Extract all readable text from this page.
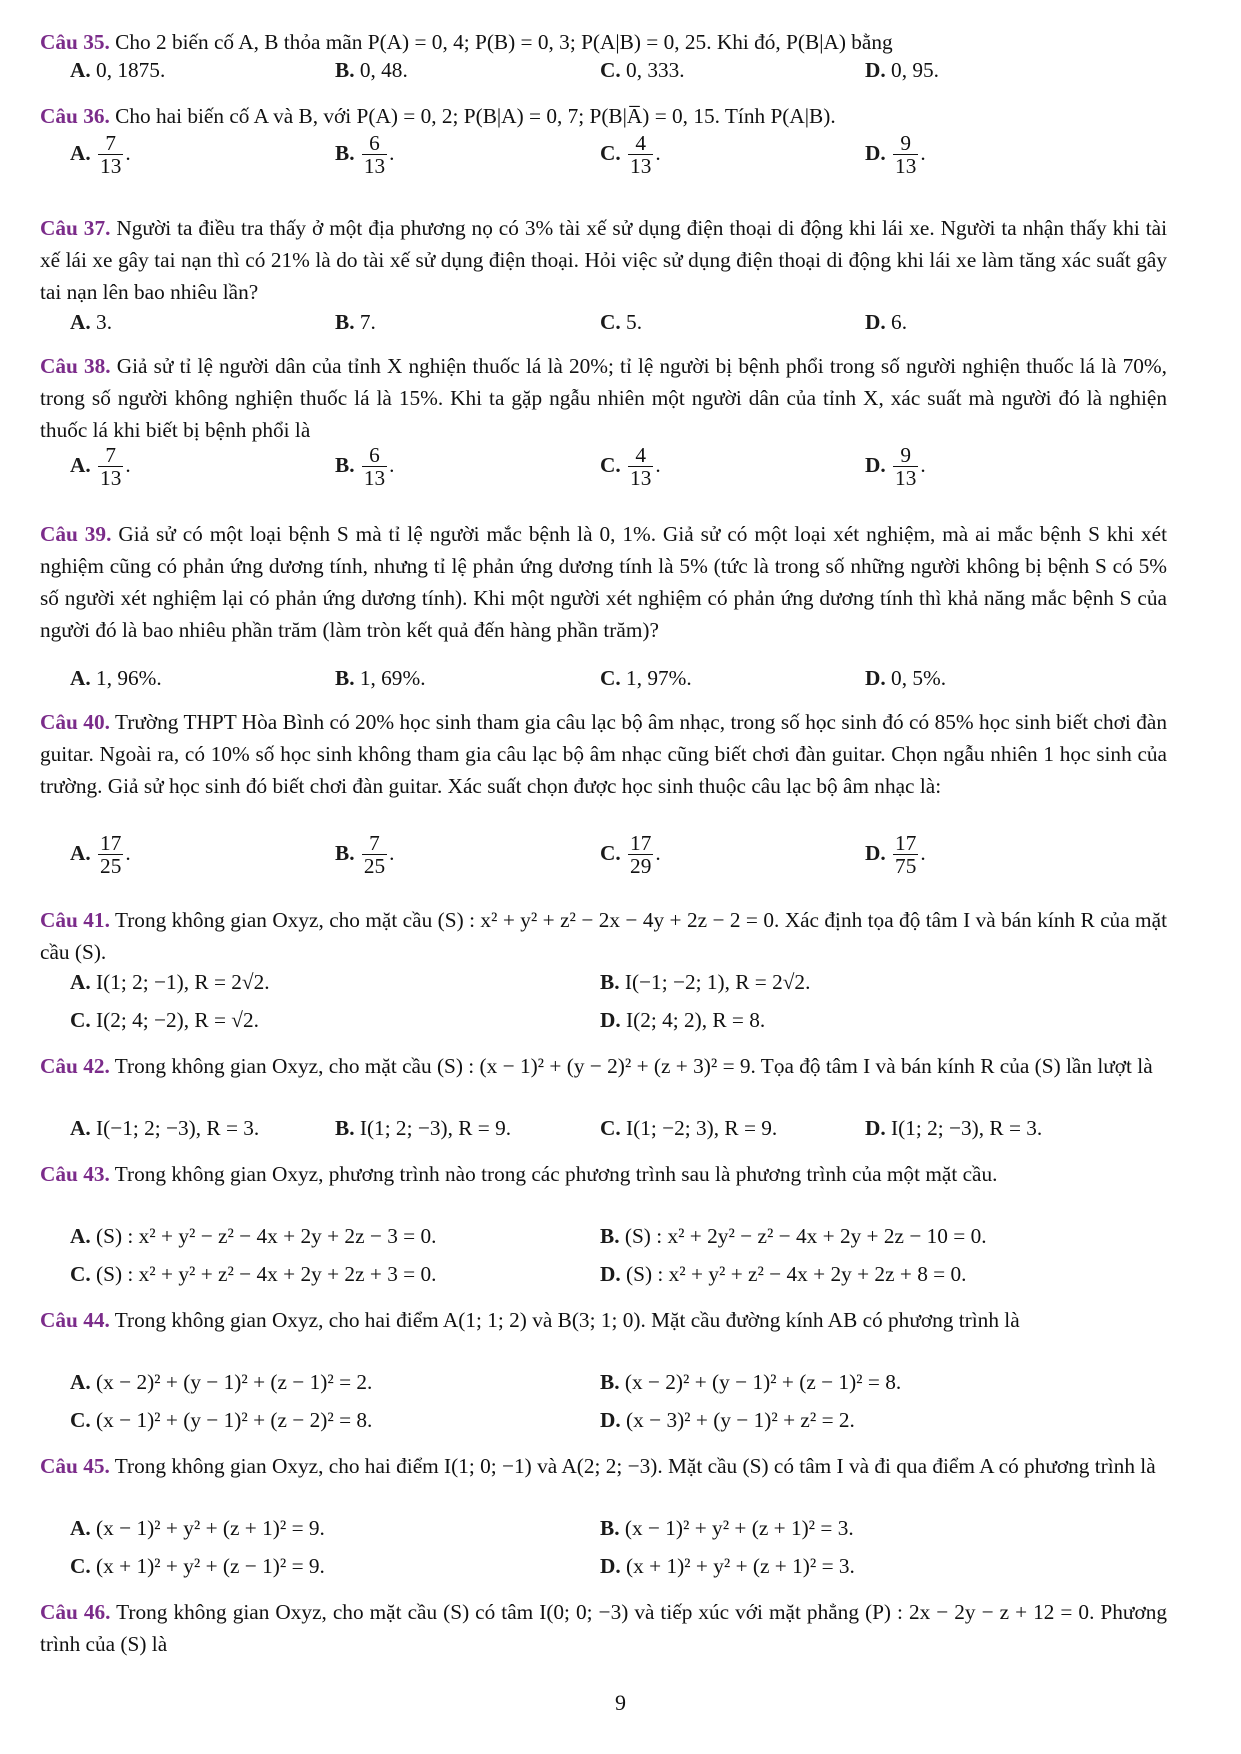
Câu 35. Cho 2 biến cố A, B thỏa mãn P(A) = 0, 4; P(B) = 0, 3; P(A|B) = 0, 25. Khi đó, P(B|A) bằng
A. 0, 1875.	B. 0, 48.	C. 0, 333.	D. 0, 95.
Câu 36. Cho hai biến cố A và B, với P(A) = 0, 2; P(B|A) = 0, 7; P(B|A̅) = 0, 15. Tính P(A|B).
A. $\frac{7}{13}$ .	B. $\frac{6}{13}$ .	C. $\frac{4}{13}$ .	D. $\frac{9}{13}$ .
Câu 37. Người ta điều tra thấy ở một địa phương nọ có 3% tài xế sử dụng điện thoại di động khi lái xe. Người ta nhận thấy khi tài xế lái xe gây tai nạn thì có 21% là do tài xế sử dụng điện thoại. Hỏi việc sử dụng điện thoại di động khi lái xe làm tăng xác suất gây tai nạn lên bao nhiêu lần?
A. 3.	B. 7.	C. 5.	D. 6.
Câu 38. Giả sử tỉ lệ người dân của tỉnh X nghiện thuốc lá là 20%; tỉ lệ người bị bệnh phổi trong số người nghiện thuốc lá là 70%, trong số người không nghiện thuốc lá là 15%. Khi ta gặp ngẫu nhiên một người dân của tỉnh X, xác suất mà người đó là nghiện thuốc lá khi biết bị bệnh phổi là
A. $\frac{7}{13}$ .	B. $\frac{6}{13}$ .	C. $\frac{4}{13}$ .	D. $\frac{9}{13}$ .
Câu 39. Giả sử có một loại bệnh S mà tỉ lệ người mắc bệnh là 0, 1%. Giả sử có một loại xét nghiệm, mà ai mắc bệnh S khi xét nghiệm cũng có phản ứng dương tính, nhưng tỉ lệ phản ứng dương tính là 5% (tức là trong số những người không bị bệnh S có 5% số người xét nghiệm lại có phản ứng dương tính). Khi một người xét nghiệm có phản ứng dương tính thì khả năng mắc bệnh S của người đó là bao nhiêu phần trăm (làm tròn kết quả đến hàng phần trăm)?
A. 1, 96%.	B. 1, 69%.	C. 1, 97%.	D. 0, 5%.
Câu 40. Trường THPT Hòa Bình có 20% học sinh tham gia câu lạc bộ âm nhạc, trong số học sinh đó có 85% học sinh biết chơi đàn guitar. Ngoài ra, có 10% số học sinh không tham gia câu lạc bộ âm nhạc cũng biết chơi đàn guitar. Chọn ngẫu nhiên 1 học sinh của trường. Giả sử học sinh đó biết chơi đàn guitar. Xác suất chọn được học sinh thuộc câu lạc bộ âm nhạc là:
A. $\frac{17}{25}$ .	B. $\frac{7}{25}$ .	C. $\frac{17}{29}$ .	D. $\frac{17}{75}$ .
Câu 41. Trong không gian Oxyz, cho mặt cầu (S) : x² + y² + z² − 2x − 4y + 2z − 2 = 0. Xác định tọa độ tâm I và bán kính R của mặt cầu (S).
A. I(1; 2; −1), R = 2√2.	B. I(−1; −2; 1), R = 2√2.
C. I(2; 4; −2), R = √2.	D. I(2; 4; 2), R = 8.
Câu 42. Trong không gian Oxyz, cho mặt cầu (S) : (x − 1)² + (y − 2)² + (z + 3)² = 9. Tọa độ tâm I và bán kính R của (S) lần lượt là
A. I(−1; 2; −3), R = 3.	B. I(1; 2; −3), R = 9.	C. I(1; −2; 3), R = 9.	D. I(1; 2; −3), R = 3.
Câu 43. Trong không gian Oxyz, phương trình nào trong các phương trình sau là phương trình của một mặt cầu.
A. (S) : x² + y² − z² − 4x + 2y + 2z − 3 = 0.	B. (S) : x² + 2y² − z² − 4x + 2y + 2z − 10 = 0.
C. (S) : x² + y² + z² − 4x + 2y + 2z + 3 = 0.	D. (S) : x² + y² + z² − 4x + 2y + 2z + 8 = 0.
Câu 44. Trong không gian Oxyz, cho hai điểm A(1; 1; 2) và B(3; 1; 0). Mặt cầu đường kính AB có phương trình là
A. (x − 2)² + (y − 1)² + (z − 1)² = 2.	B. (x − 2)² + (y − 1)² + (z − 1)² = 8.
C. (x − 1)² + (y − 1)² + (z − 2)² = 8.	D. (x − 3)² + (y − 1)² + z² = 2.
Câu 45. Trong không gian Oxyz, cho hai điểm I(1; 0; −1) và A(2; 2; −3). Mặt cầu (S) có tâm I và đi qua điểm A có phương trình là
A. (x − 1)² + y² + (z + 1)² = 9.	B. (x − 1)² + y² + (z + 1)² = 3.
C. (x + 1)² + y² + (z − 1)² = 9.	D. (x + 1)² + y² + (z + 1)² = 3.
Câu 46. Trong không gian Oxyz, cho mặt cầu (S) có tâm I(0; 0; −3) và tiếp xúc với mặt phẳng (P) : 2x − 2y − z + 12 = 0. Phương trình của (S) là
9
